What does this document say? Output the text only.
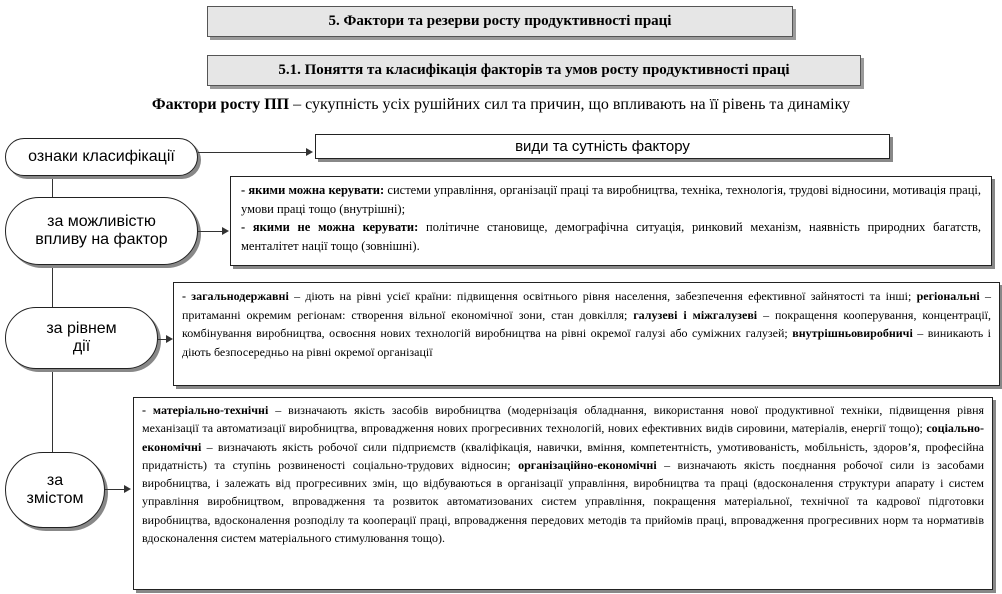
5. Фактори та резерви росту продуктивності праці
5.1. Поняття та класифікація факторів та умов росту продуктивності праці
Фактори росту ПП – сукупність усіх рушійних сил та причин, що впливають на її рівень та динаміку
ознаки класифікації
види та сутність фактору
за можливістю
впливу на фактор
- якими можна керувати: системи управління, організації праці та виробництва, техніка, технологія, трудові відносини, мотивація праці, умови праці тощо (внутрішні);
- якими не можна керувати: політичне становище, демографічна ситуація, ринковий механізм, наявність природних багатств, менталітет нації тощо (зовнішні).
за рівнем
дії
- загальнодержавні – діють на рівні усієї країни: підвищення освітнього рівня населення, забезпечення ефективної зайнятості та інші; регіональні – притаманні окремим регіонам: створення вільної економічної зони, стан довкілля; галузеві і міжгалузеві – покращення кооперування, концентрації, комбінування виробництва, освоєння нових технологій виробництва на рівні окремої галузі або суміжних галузей; внутрішньовиробничі – виникають і діють безпосередньо на рівні окремої організації
за
змістом
- матеріально-технічні – визначають якість засобів виробництва (модернізація обладнання, використання нової продуктивної техніки, підвищення рівня механізації та автоматизації виробництва, впровадження нових прогресивних технологій, нових ефективних видів сировини, матеріалів, енергії тощо); соціально-економічні – визначають якість робочої сили підприємств (кваліфікація, навички, вміння, компетентність, умотивованість, мобільність, здоров’я, професійна придатність) та ступінь розвиненості соціально-трудових відносин; організаційно-економічні – визначають якість поєднання робочої сили із засобами виробництва, і залежать від прогресивних змін, що відбуваються в організації управління, виробництва та праці (вдосконалення структури апарату і систем управління виробництвом, впровадження та розвиток автоматизованих систем управління, покращення матеріальної, технічної та кадрової підготовки виробництва, вдосконалення розподілу та кооперації праці, впровадження передових методів та прийомів праці, впровадження прогресивних норм та нормативів вдосконалення систем матеріального стимулювання тощо).
